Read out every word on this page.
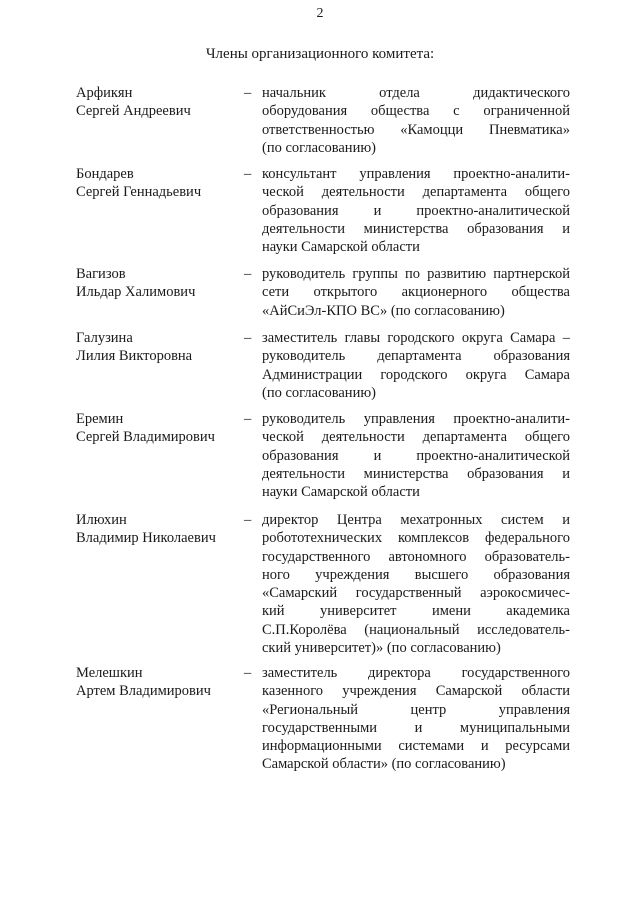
2
Члены организационного комитета:
Арфикян
Сергей Андреевич
– начальник отдела дидактического
оборудования общества с ограниченной
ответственностью «Камоцци Пневматика»
(по согласованию)
Бондарев
Сергей Геннадьевич
– консультант управления проектно-аналити-
ческой деятельности департамента общего
образования и проектно-аналитической
деятельности министерства образования и
науки Самарской области
Вагизов
Ильдар Халимович
– руководитель группы по развитию партнерской
сети открытого акционерного общества
«АйСиЭл-КПО ВС» (по согласованию)
Галузина
Лилия Викторовна
– заместитель главы городского округа Самара –
руководитель департамента образования
Администрации городского округа Самара
(по согласованию)
Еремин
Сергей Владимирович
– руководитель управления проектно-аналити-
ческой деятельности департамента общего
образования и проектно-аналитической
деятельности министерства образования и
науки Самарской области
Илюхин
Владимир Николаевич
– директор Центра мехатронных систем и
робототехнических комплексов федерального
государственного автономного образователь-
ного учреждения высшего образования
«Самарский государственный аэрокосмичес-
кий университет имени академика
С.П.Королёва (национальный исследователь-
ский университет)» (по согласованию)
Мелешкин
Артем Владимирович
– заместитель директора государственного
казенного учреждения Самарской области
«Региональный центр управления
государственными и муниципальными
информационными системами и ресурсами
Самарской области» (по согласованию)
